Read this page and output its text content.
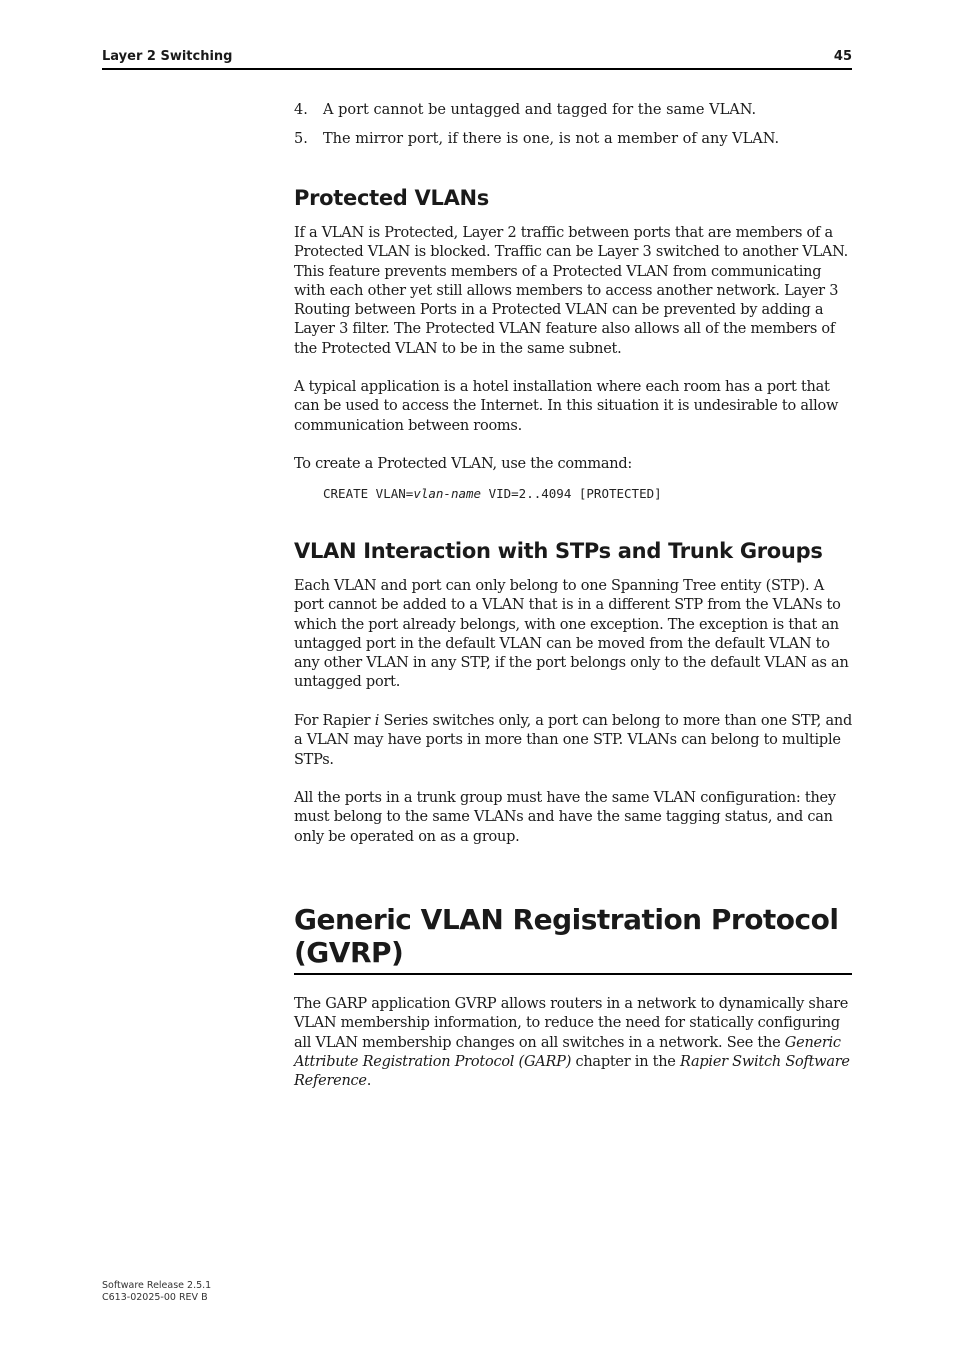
Layer 2 Switching	45
4. A port cannot be untagged and tagged for the same VLAN.
5. The mirror port, if there is one, is not a member of any VLAN.
Protected VLANs

If a VLAN is Protected, Layer 2 traffic between ports that are members of a Protected VLAN is blocked. Traffic can be Layer 3 switched to another VLAN. This feature prevents members of a Protected VLAN from communicating with each other yet still allows members to access another network. Layer 3 Routing between Ports in a Protected VLAN can be prevented by adding a Layer 3 filter. The Protected VLAN feature also allows all of the members of the Protected VLAN to be in the same subnet.

A typical application is a hotel installation where each room has a port that can be used to access the Internet. In this situation it is undesirable to allow communication between rooms.

To create a Protected VLAN, use the command:

CREATE VLAN=vlan-name VID=2..4094 [PROTECTED]
VLAN Interaction with STPs and Trunk Groups

Each VLAN and port can only belong to one Spanning Tree entity (STP). A port cannot be added to a VLAN that is in a different STP from the VLANs to which the port already belongs, with one exception. The exception is that an untagged port in the default VLAN can be moved from the default VLAN to any other VLAN in any STP, if the port belongs only to the default VLAN as an untagged port.

For Rapier i Series switches only, a port can belong to more than one STP, and a VLAN may have ports in more than one STP. VLANs can belong to multiple STPs.

All the ports in a trunk group must have the same VLAN configuration: they must belong to the same VLANs and have the same tagging status, and can only be operated on as a group.

Generic VLAN Registration Protocol
(GVRP)

The GARP application GVRP allows routers in a network to dynamically share VLAN membership information, to reduce the need for statically configuring all VLAN membership changes on all switches in a network. See the Generic Attribute Registration Protocol (GARP) chapter in the Rapier Switch Software Reference.

Software Release 2.5.1
C613-02025-00 REV B
